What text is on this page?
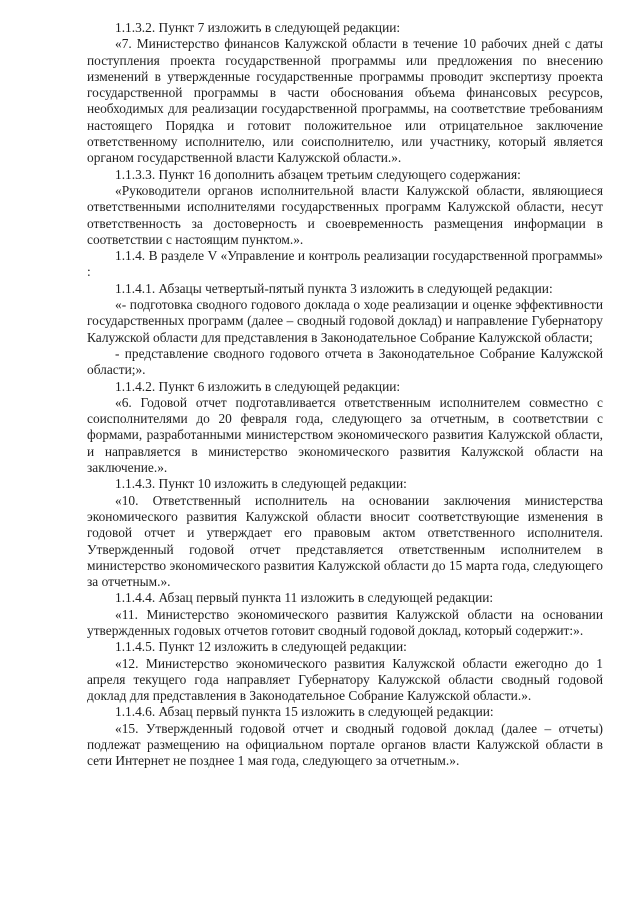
1.1.3.2. Пункт 7 изложить в следующей редакции:

«7. Министерство финансов Калужской области в течение 10 рабочих дней с даты поступления проекта государственной программы или предложения по внесению изменений в утвержденные государственные программы проводит экспертизу проекта государственной программы в части обоснования объема финансовых ресурсов, необходимых для реализации государственной программы, на соответствие требованиям настоящего Порядка и готовит положительное или отрицательное заключение ответственному исполнителю, или соисполнителю, или участнику, который является органом государственной власти Калужской области.».

1.1.3.3. Пункт 16 дополнить абзацем третьим следующего содержания:

«Руководители органов исполнительной власти Калужской области, являющиеся ответственными исполнителями государственных программ Калужской области, несут ответственность за достоверность и своевременность размещения информации в соответствии с настоящим пунктом.».

1.1.4. В разделе V «Управление и контроль реализации государственной программы» :

1.1.4.1. Абзацы четвертый-пятый пункта 3 изложить в следующей редакции:

«- подготовка сводного годового доклада о ходе реализации и оценке эффективности государственных программ (далее – сводный годовой доклад) и направление Губернатору Калужской области для представления в Законодательное Собрание Калужской области;

- представление сводного годового отчета в Законодательное Собрание Калужской области;».

1.1.4.2. Пункт 6 изложить в следующей редакции:

«6. Годовой отчет подготавливается ответственным исполнителем совместно с соисполнителями до 20 февраля года, следующего за отчетным, в соответствии с формами, разработанными министерством экономического развития Калужской области, и направляется в министерство экономического развития Калужской области на заключение.».

1.1.4.3. Пункт 10 изложить в следующей редакции:

«10. Ответственный исполнитель на основании заключения министерства экономического развития Калужской области вносит соответствующие изменения в годовой отчет и утверждает его правовым актом ответственного исполнителя. Утвержденный годовой отчет представляется ответственным исполнителем в министерство экономического развития Калужской области до 15 марта года, следующего за отчетным.».

1.1.4.4. Абзац первый пункта 11 изложить в следующей редакции:

«11. Министерство экономического развития Калужской области на основании утвержденных годовых отчетов готовит сводный годовой доклад, который содержит:».

1.1.4.5. Пункт 12 изложить в следующей редакции:

«12. Министерство экономического развития Калужской области ежегодно до 1 апреля текущего года направляет Губернатору Калужской области сводный годовой доклад для представления в Законодательное Собрание Калужской области.».

1.1.4.6. Абзац первый пункта 15 изложить в следующей редакции:

«15. Утвержденный годовой отчет и сводный годовой доклад (далее – отчеты) подлежат размещению на официальном портале органов власти Калужской области в сети Интернет не позднее 1 мая года, следующего за отчетным.».
